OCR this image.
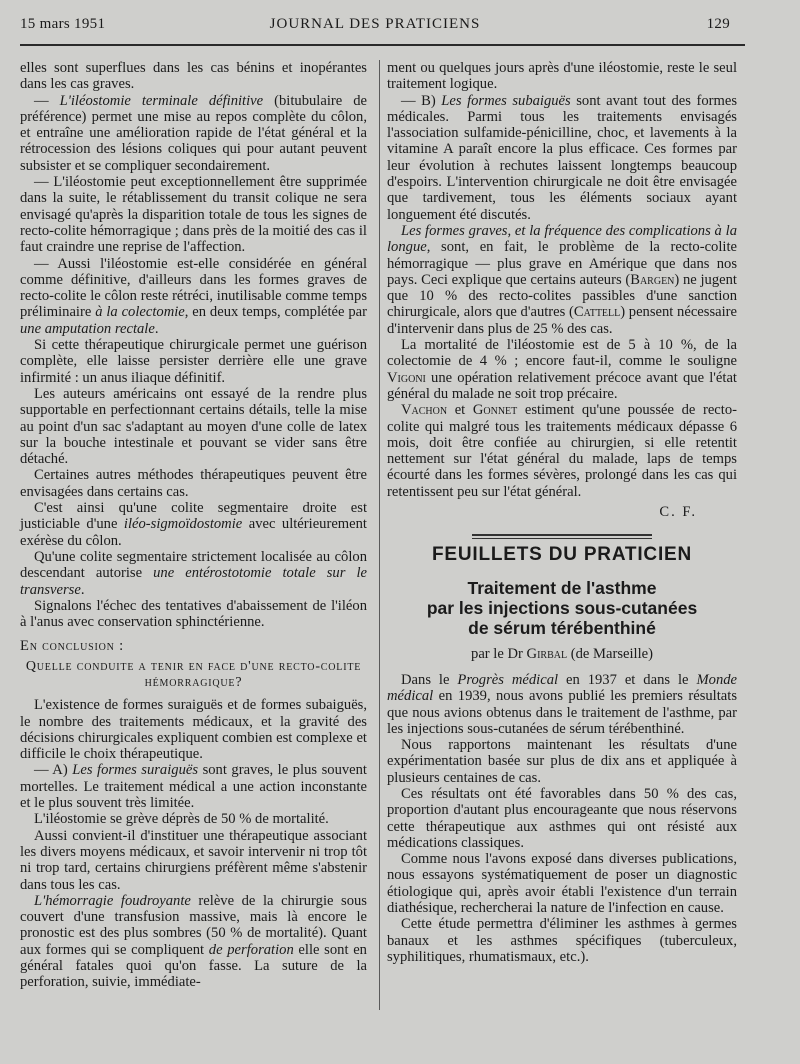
15 mars 1951	JOURNAL DES PRATICIENS	129

elles sont superflues dans les cas bénins et inopérantes dans les cas graves.

— L'iléostomie terminale définitive (bitubulaire de préférence) permet une mise au repos complète du côlon, et entraîne une amélioration rapide de l'état général et la rétrocession des lésions coliques qui pour autant peuvent subsister et se compliquer secondairement.

— L'iléostomie peut exceptionnellement être supprimée dans la suite, le rétablissement du transit colique ne sera envisagé qu'après la disparition totale de tous les signes de recto-colite hémorragique ; dans près de la moitié des cas il faut craindre une reprise de l'affection.

— Aussi l'iléostomie est-elle considérée en général comme définitive, d'ailleurs dans les formes graves de recto-colite le côlon reste rétréci, inutilisable comme temps préliminaire à la colectomie, en deux temps, complétée par une amputation rectale.

Si cette thérapeutique chirurgicale permet une guérison complète, elle laisse persister derrière elle une grave infirmité : un anus iliaque définitif.

Les auteurs américains ont essayé de la rendre plus supportable en perfectionnant certains détails, telle la mise au point d'un sac s'adaptant au moyen d'une colle de latex sur la bouche intestinale et pouvant se vider sans être détaché.

Certaines autres méthodes thérapeutiques peuvent être envisagées dans certains cas.

C'est ainsi qu'une colite segmentaire droite est justiciable d'une iléo-sigmoïdostomie avec ultérieurement exérèse du côlon.

Qu'une colite segmentaire strictement localisée au côlon descendant autorise une entérostotomie totale sur le transverse.

Signalons l'échec des tentatives d'abaissement de l'iléon à l'anus avec conservation sphinctérienne.

En conclusion :
Quelle conduite a tenir en face d'une recto-colite hémorragique?

L'existence de formes suraiguës et de formes subaiguës, le nombre des traitements médicaux, et la gravité des décisions chirurgicales expliquent combien est complexe et difficile le choix thérapeutique.

— A) Les formes suraiguës sont graves, le plus souvent mortelles. Le traitement médical a une action inconstante et le plus souvent très limitée.

L'iléostomie se grève déprès de 50 % de mortalité.

Aussi convient-il d'instituer une thérapeutique associant les divers moyens médicaux, et savoir intervenir ni trop tôt ni trop tard, certains chirurgiens préfèrent même s'abstenir dans tous les cas.

L'hémorragie foudroyante relève de la chirurgie sous couvert d'une transfusion massive, mais là encore le pronostic est des plus sombres (50 % de mortalité). Quant aux formes qui se compliquent de perforation elle sont en général fatales quoi qu'on fasse. La suture de la perforation, suivie, immédiate-

ment ou quelques jours après d'une iléostomie, reste le seul traitement logique.

— B) Les formes subaiguës sont avant tout des formes médicales. Parmi tous les traitements envisagés l'association sulfamide-pénicilline, choc, et lavements à la vitamine A paraît encore la plus efficace. Ces formes par leur évolution à rechutes laissent longtemps beaucoup d'espoirs. L'intervention chirurgicale ne doit être envisagée que tardivement, tous les éléments sociaux ayant longuement été discutés.

Les formes graves, et la fréquence des complications à la longue, sont, en fait, le problème de la recto-colite hémorragique — plus grave en Amérique que dans nos pays. Ceci explique que certains auteurs (Bargen) ne jugent que 10 % des recto-colites passibles d'une sanction chirurgicale, alors que d'autres (Cattell) pensent nécessaire d'intervenir dans plus de 25 % des cas.

La mortalité de l'iléostomie est de 5 à 10 %, de la colectomie de 4 % ; encore faut-il, comme le souligne Vigoni une opération relativement précoce avant que l'état général du malade ne soit trop précaire.

Vachon et Gonnet estiment qu'une poussée de recto-colite qui malgré tous les traitements médicaux dépasse 6 mois, doit être confiée au chirurgien, si elle retentit nettement sur l'état général du malade, laps de temps écourté dans les formes sévères, prolongé dans les cas qui retentissent peu sur l'état général.

C. F.
FEUILLETS DU PRATICIEN
Traitement de l'asthme
par les injections sous-cutanées
de sérum térébenthiné
par le Dr Girbal (de Marseille)

Dans le Progrès médical en 1937 et dans le Monde médical en 1939, nous avons publié les premiers résultats que nous avions obtenus dans le traitement de l'asthme, par les injections sous-cutanées de sérum térébenthiné.

Nous rapportons maintenant les résultats d'une expérimentation basée sur plus de dix ans et appliquée à plusieurs centaines de cas.

Ces résultats ont été favorables dans 50 % des cas, proportion d'autant plus encourageante que nous réservons cette thérapeutique aux asthmes qui ont résisté aux médications classiques.

Comme nous l'avons exposé dans diverses publications, nous essayons systématiquement de poser un diagnostic étiologique qui, après avoir établi l'existence d'un terrain diathésique, rechercherai la nature de l'infection en cause.

Cette étude permettra d'éliminer les asthmes à germes banaux et les asthmes spécifiques (tuberculeux, syphilitiques, rhumatismaux, etc.).
